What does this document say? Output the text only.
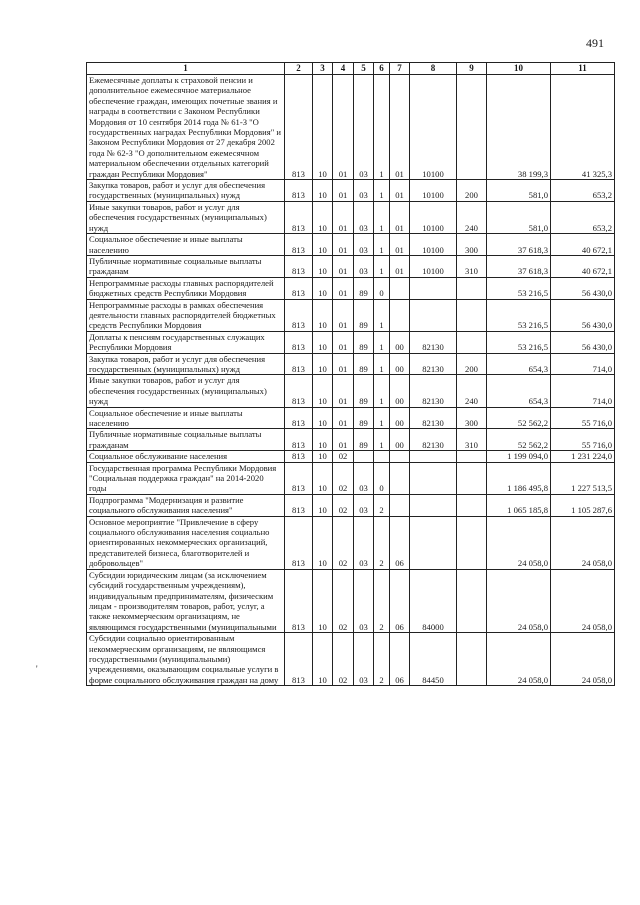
491
'
1	2	3	4	5	6	7	8	9	10	11
Ежемесячные доплаты к страховой пенсии и дополнительное ежемесячное материальное обеспечение граждан, имеющих почетные звания и награды в соответствии с Законом Республики Мордовия от 10 сентября 2014 года № 61-З "О государственных наградах Республики Мордовия" и Законом Республики Мордовия от 27 декабря 2002 года № 62-З "О дополнительном ежемесячном материальном обеспечении отдельных категорий граждан Республики Мордовия"	813	10	01	03	1	01	10100		38 199,3	41 325,3
Закупка товаров, работ и услуг для обеспечения государственных (муниципальных) нужд	813	10	01	03	1	01	10100	200	581,0	653,2
Иные закупки товаров, работ и услуг для обеспечения государственных (муниципальных) нужд	813	10	01	03	1	01	10100	240	581,0	653,2
Социальное обеспечение и иные выплаты населению	813	10	01	03	1	01	10100	300	37 618,3	40 672,1
Публичные нормативные социальные выплаты гражданам	813	10	01	03	1	01	10100	310	37 618,3	40 672,1
Непрограммные расходы главных распорядителей бюджетных средств Республики Мордовия	813	10	01	89	0				53 216,5	56 430,0
Непрограммные расходы в рамках обеспечения деятельности главных распорядителей бюджетных средств Республики Мордовия	813	10	01	89	1				53 216,5	56 430,0
Доплаты к пенсиям государственных служащих Республики Мордовия	813	10	01	89	1	00	82130		53 216,5	56 430,0
Закупка товаров, работ и услуг для обеспечения государственных (муниципальных) нужд	813	10	01	89	1	00	82130	200	654,3	714,0
Иные закупки товаров, работ и услуг для обеспечения государственных (муниципальных) нужд	813	10	01	89	1	00	82130	240	654,3	714,0
Социальное обеспечение и иные выплаты населению	813	10	01	89	1	00	82130	300	52 562,2	55 716,0
Публичные нормативные социальные выплаты гражданам	813	10	01	89	1	00	82130	310	52 562,2	55 716,0
Социальное обслуживание населения	813	10	02						1 199 094,0	1 231 224,0
Государственная программа Республики Мордовия "Социальная поддержка граждан" на 2014-2020 годы	813	10	02	03	0				1 186 495,8	1 227 513,5
Подпрограмма "Модернизация и развитие социального обслуживания населения"	813	10	02	03	2				1 065 185,8	1 105 287,6
Основное мероприятие "Привлечение в сферу социального обслуживания населения социально ориентированных некоммерческих организаций, представителей бизнеса, благотворителей и добровольцев"	813	10	02	03	2	06			24 058,0	24 058,0
Субсидии юридическим лицам (за исключением субсидий государственным учреждениям), индивидуальным предпринимателям, физическим лицам - производителям товаров, работ, услуг, а также некоммерческим организациям, не являющимся государственными (муниципальными	813	10	02	03	2	06	84000		24 058,0	24 058,0
Субсидии социально ориентированным некоммерческим организациям, не являющимся государственными (муниципальными) учреждениями, оказывающим социальные услуги в форме социального обслуживания граждан на дому	813	10	02	03	2	06	84450		24 058,0	24 058,0
